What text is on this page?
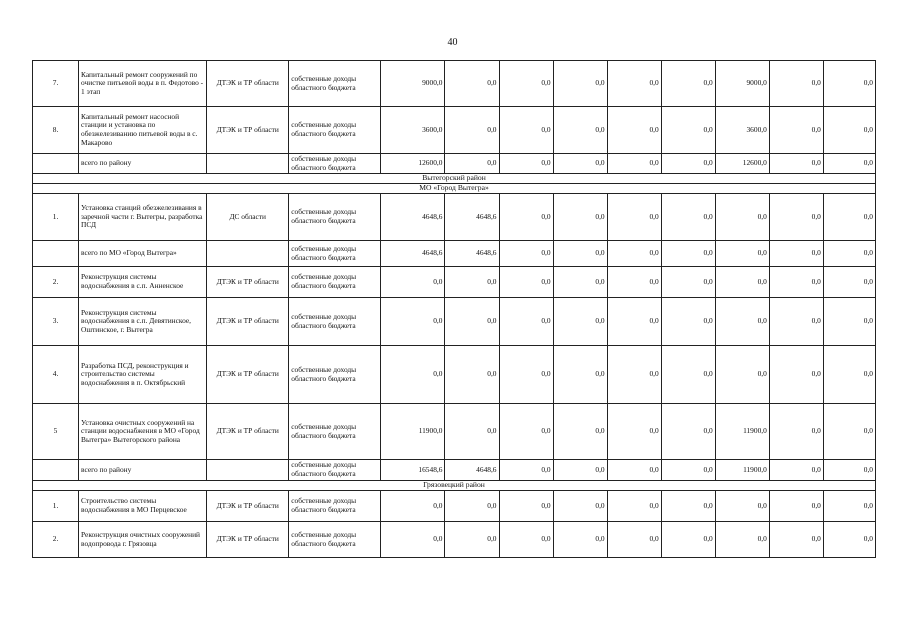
40
7.	Капитальный ремонт сооружений по очистке питьевой воды в п. Федотово - 1 этап	ДТЭК и ТР области	собственные доходы областного бюджета	9000,0	0,0	0,0	0,0	0,0	0,0	9000,0	0,0	0,0
8.	Капитальный ремонт насосной станции и установка по обезжелезиванию питьевой воды в с. Макарово	ДТЭК и ТР области	собственные доходы областного бюджета	3600,0	0,0	0,0	0,0	0,0	0,0	3600,0	0,0	0,0
	всего по району		собственные доходы областного бюджета	12600,0	0,0	0,0	0,0	0,0	0,0	12600,0	0,0	0,0
Вытегорский район												
МО «Город Вытегра»												
1.	Установка станций обезжелезивания в заречной части г. Вытегры, разработка ПСД	ДС области	собственные доходы областного бюджета	4648,6	4648,6	0,0	0,0	0,0	0,0	0,0	0,0	0,0
	всего по МО «Город Вытегра»		собственные доходы областного бюджета	4648,6	4648,6	0,0	0,0	0,0	0,0	0,0	0,0	0,0
2.	Реконструкция системы водоснабжения в с.п. Анненское	ДТЭК и ТР области	собственные доходы областного бюджета	0,0	0,0	0,0	0,0	0,0	0,0	0,0	0,0	0,0
3.	Реконструкция системы водоснабжения в с.п. Девятинское, Оштинское, г. Вытегра	ДТЭК и ТР области	собственные доходы областного бюджета	0,0	0,0	0,0	0,0	0,0	0,0	0,0	0,0	0,0
4.	Разработка ПСД, реконструкция и строительство системы водоснабжения в п. Октябрьский	ДТЭК и ТР области	собственные доходы областного бюджета	0,0	0,0	0,0	0,0	0,0	0,0	0,0	0,0	0,0
5	Установка очистных сооружений на станции водоснабжения в МО «Город Вытегра» Вытегорского района	ДТЭК и ТР области	собственные доходы областного бюджета	11900,0	0,0	0,0	0,0	0,0	0,0	11900,0	0,0	0,0
	всего по району		собственные доходы областного бюджета	16548,6	4648,6	0,0	0,0	0,0	0,0	11900,0	0,0	0,0
Грязовецкий район												
1.	Строительство системы водоснабжения в МО Перцевское	ДТЭК и ТР области	собственные доходы областного бюджета	0,0	0,0	0,0	0,0	0,0	0,0	0,0	0,0	0,0
2.	Реконструкция очистных сооружений водопровода г. Грязовца	ДТЭК и ТР области	собственные доходы областного бюджета	0,0	0,0	0,0	0,0	0,0	0,0	0,0	0,0	0,0
